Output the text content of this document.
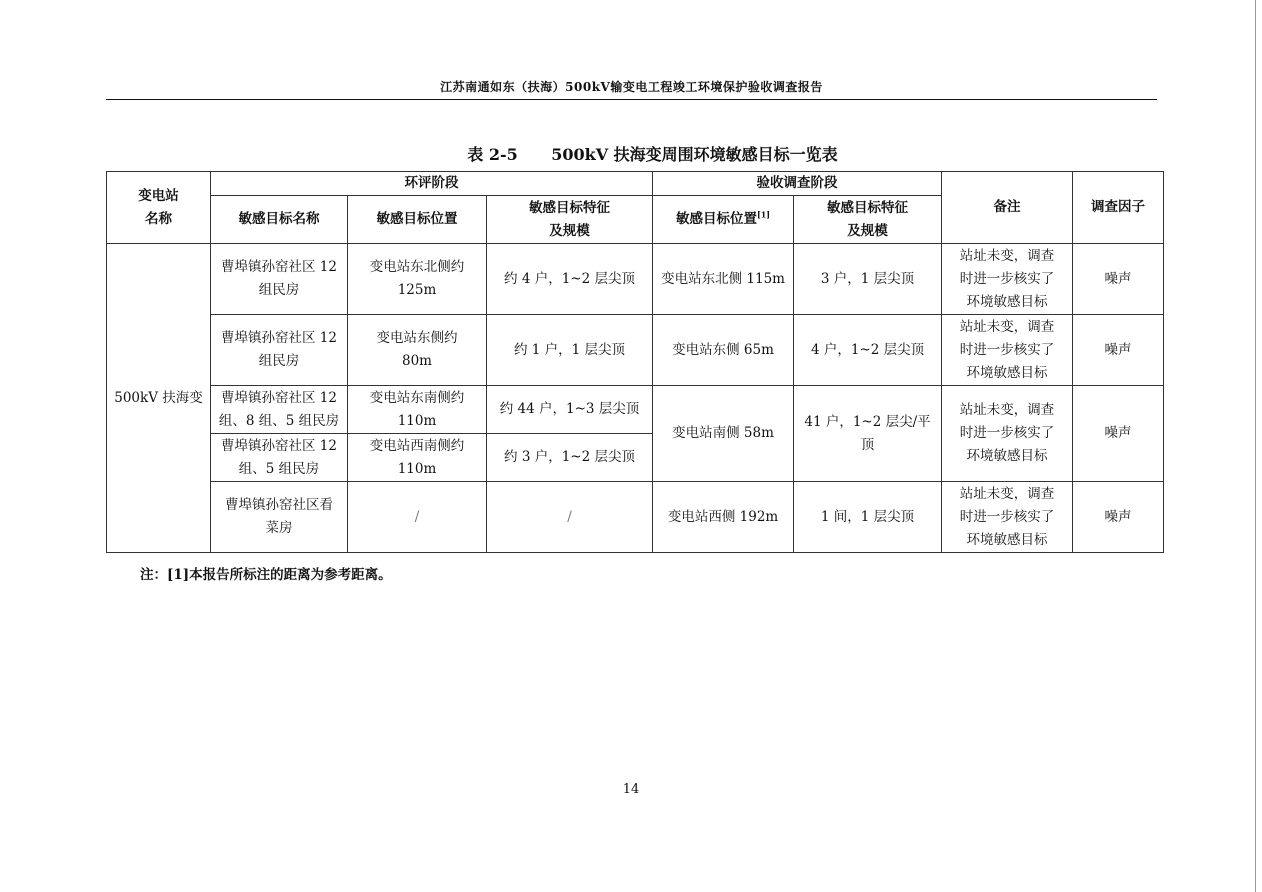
江苏南通如东（扶海）500kV输变电工程竣工环境保护验收调查报告
表 2-5 500kV 扶海变周围环境敏感目标一览表
变电站
名称	环评阶段			验收调查阶段		备注	调查因子
	敏感目标名称	敏感目标位置	敏感目标特征
及规模	敏感目标位置[1]	敏感目标特征
及规模		

500kV 扶海变	曹埠镇孙窑社区 12
组民房	变电站东北侧约
125m	约 4 户，1~2 层尖顶	变电站东北侧 115m	3 户，1 层尖顶	站址未变，调查
时进一步核实了
环境敏感目标	噪声

	曹埠镇孙窑社区 12
组民房	变电站东侧约
80m	约 1 户，1 层尖顶	变电站东侧 65m	4 户，1~2 层尖顶	站址未变，调查
时进一步核实了
环境敏感目标	噪声

	曹埠镇孙窑社区 12
组、8 组、5 组民房	变电站东南侧约
110m	约 44 户，1~3 层尖顶	变电站南侧 58m	41 户，1~2 层尖/平
顶	站址未变，调查
时进一步核实了
环境敏感目标	噪声

	曹埠镇孙窑社区 12
组、5 组民房	变电站西南侧约
110m	约 3 户，1~2 层尖顶				

	曹埠镇孙窑社区看
菜房	/	/	变电站西侧 192m	1 间，1 层尖顶	站址未变，调查
时进一步核实了
环境敏感目标	噪声
注：[1]本报告所标注的距离为参考距离。
14
